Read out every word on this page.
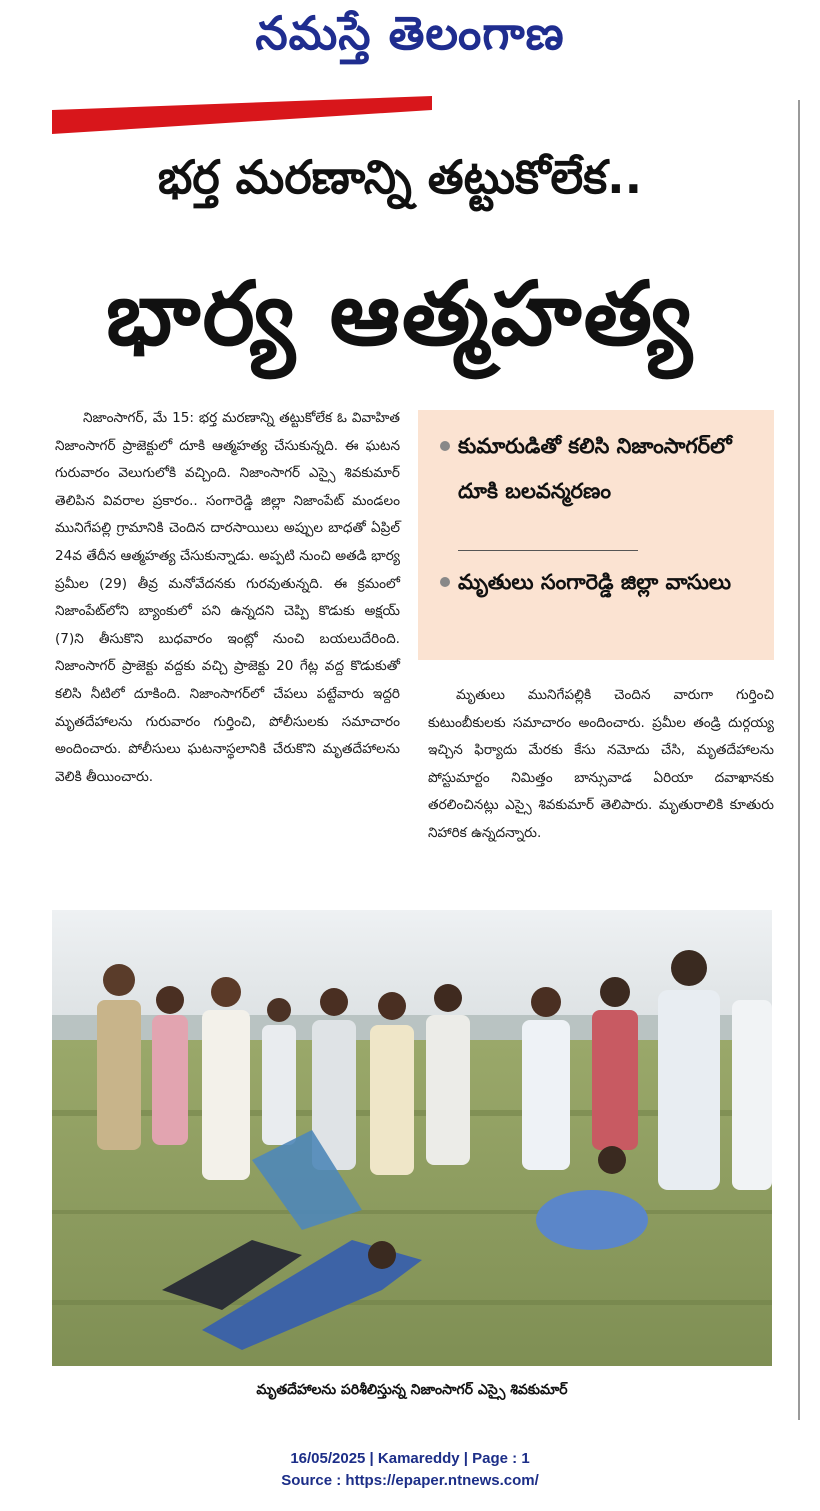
నమస్తే తెలంగాణ
భర్త మరణాన్ని తట్టుకోలేక..
భార్య ఆత్మహత్య

నిజాంసాగర్, మే 15: భర్త మరణాన్ని తట్టుకోలేక ఓ వివాహిత నిజాంసాగర్ ప్రాజెక్టులో దూకి ఆత్మహత్య చేసుకున్నది. ఈ ఘటన గురువారం వెలుగులోకి వచ్చింది. నిజాంసాగర్ ఎస్సై శివకుమార్ తెలిపిన వివరాల ప్రకారం.. సంగారెడ్డి జిల్లా నిజాంపేట్ మండలం మునిగేపల్లి గ్రామానికి చెందిన దారసాయిలు అప్పుల బాధతో ఏప్రిల్ 24వ తేదీన ఆత్మహత్య చేసుకున్నాడు. అప్పటి నుంచి అతడి భార్య ప్రమీల (29) తీవ్ర మనోవేదనకు గురవుతున్నది. ఈ క్రమంలో నిజాంపేట్‌లోని బ్యాంకులో పని ఉన్నదని చెప్పి కొడుకు అక్షయ్ (7)ని తీసుకొని బుధవారం ఇంట్లో నుంచి బయలుదేరింది. నిజాంసాగర్ ప్రాజెక్టు వద్దకు వచ్చి ప్రాజెక్టు 20 గేట్ల వద్ద కొడుకుతో కలిసి నీటిలో దూకింది. నిజాంసాగర్‌లో చేపలు పట్టేవారు ఇద్దరి మృతదేహాలను గురువారం గుర్తించి, పోలీసులకు సమాచారం అందించారు. పోలీసులు ఘటనాస్థలానికి చేరుకొని మృతదేహాలను వెలికి తీయించారు.

కుమారుడితో కలిసి నిజాంసాగర్‌లో దూకి బలవన్మరణం
మృతులు సంగారెడ్డి జిల్లా వాసులు

మృతులు మునిగేపల్లికి చెందిన వారుగా గుర్తించి కుటుంబీకులకు సమాచారం అందించారు. ప్రమీల తండ్రి దుర్గయ్య ఇచ్చిన ఫిర్యాదు మేరకు కేసు నమోదు చేసి, మృతదేహాలను పోస్టుమార్టం నిమిత్తం బాన్సువాడ ఏరియా దవాఖానకు తరలించినట్లు ఎస్సై శివకుమార్ తెలిపారు. మృతురాలికి కూతురు నిహారిక ఉన్నదన్నారు.

మృతదేహాలను పరిశీలిస్తున్న నిజాంసాగర్ ఎస్సై శివకుమార్
16/05/2025 | Kamareddy | Page : 1
Source : https://epaper.ntnews.com/
